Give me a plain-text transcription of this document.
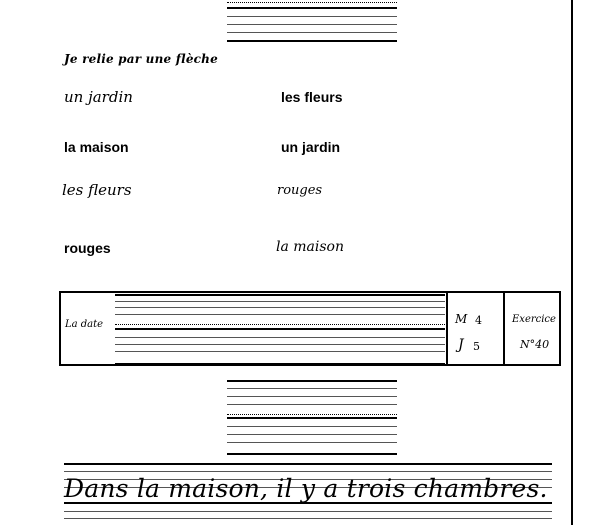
Je relie par une flèche
un jardin	les fleurs
la maison	un jardin
les fleurs	rouges
rouges	la maison
La date	M 4
J 5
Exercice
N°40
Dans la maison, il y a trois chambres.
